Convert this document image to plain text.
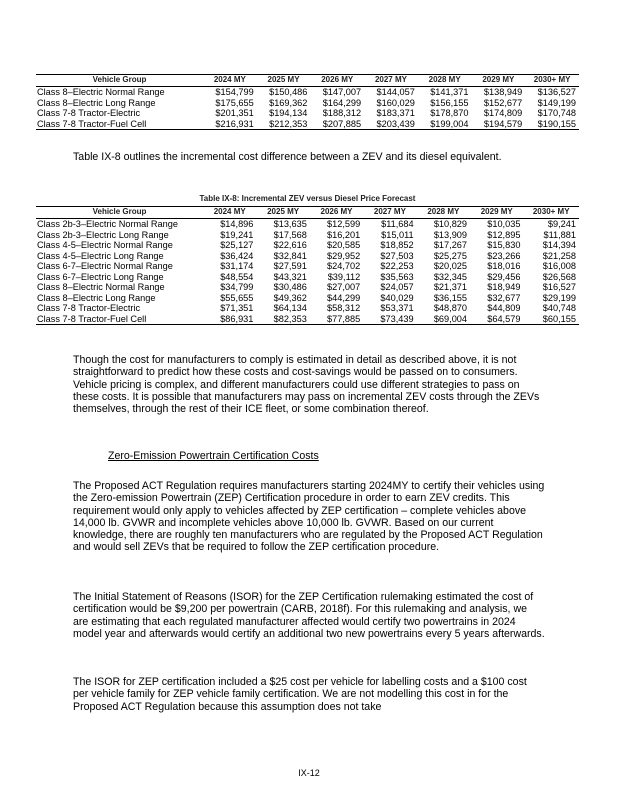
Vehicle Group	2024 MY	2025 MY	2026 MY	2027 MY	2028 MY	2029 MY	2030+ MY
Class 8–Electric Normal Range	$154,799	$150,486	$147,007	$144,057	$141,371	$138,949	$136,527
Class 8–Electric Long Range	$175,655	$169,362	$164,299	$160,029	$156,155	$152,677	$149,199
Class 7-8 Tractor-Electric	$201,351	$194,134	$188,312	$183,371	$178,870	$174,809	$170,748
Class 7-8 Tractor-Fuel Cell	$216,931	$212,353	$207,885	$203,439	$199,004	$194,579	$190,155

Table IX-8 outlines the incremental cost difference between a ZEV and its diesel equivalent.

Table IX-8: Incremental ZEV versus Diesel Price Forecast							
Vehicle Group	2024 MY	2025 MY	2026 MY	2027 MY	2028 MY	2029 MY	2030+ MY
Class 2b-3–Electric Normal Range	$14,896	$13,635	$12,599	$11,684	$10,829	$10,035	$9,241
Class 2b-3–Electric Long Range	$19,241	$17,568	$16,201	$15,011	$13,909	$12,895	$11,881
Class 4-5–Electric Normal Range	$25,127	$22,616	$20,585	$18,852	$17,267	$15,830	$14,394
Class 4-5–Electric Long Range	$36,424	$32,841	$29,952	$27,503	$25,275	$23,266	$21,258
Class 6-7–Electric Normal Range	$31,174	$27,591	$24,702	$22,253	$20,025	$18,016	$16,008
Class 6-7–Electric Long Range	$48,554	$43,321	$39,112	$35,563	$32,345	$29,456	$26,568
Class 8–Electric Normal Range	$34,799	$30,486	$27,007	$24,057	$21,371	$18,949	$16,527
Class 8–Electric Long Range	$55,655	$49,362	$44,299	$40,029	$36,155	$32,677	$29,199
Class 7-8 Tractor-Electric	$71,351	$64,134	$58,312	$53,371	$48,870	$44,809	$40,748
Class 7-8 Tractor-Fuel Cell	$86,931	$82,353	$77,885	$73,439	$69,004	$64,579	$60,155

Though the cost for manufacturers to comply is estimated in detail as described above, it is not straightforward to predict how these costs and cost-savings would be passed on to consumers. Vehicle pricing is complex, and different manufacturers could use different strategies to pass on these costs. It is possible that manufacturers may pass on incremental ZEV costs through the ZEVs themselves, through the rest of their ICE fleet, or some combination thereof.

Zero-Emission Powertrain Certification Costs

The Proposed ACT Regulation requires manufacturers starting 2024MY to certify their vehicles using the Zero-emission Powertrain (ZEP) Certification procedure in order to earn ZEV credits. This requirement would only apply to vehicles affected by ZEP certification – complete vehicles above 14,000 lb. GVWR and incomplete vehicles above 10,000 lb. GVWR. Based on our current knowledge, there are roughly ten manufacturers who are regulated by the Proposed ACT Regulation and would sell ZEVs that be required to follow the ZEP certification procedure.

The Initial Statement of Reasons (ISOR) for the ZEP Certification rulemaking estimated the cost of certification would be $9,200 per powertrain (CARB, 2018f). For this rulemaking and analysis, we are estimating that each regulated manufacturer affected would certify two powertrains in 2024 model year and afterwards would certify an additional two new powertrains every 5 years afterwards.

The ISOR for ZEP certification included a $25 cost per vehicle for labelling costs and a $100 cost per vehicle family for ZEP vehicle family certification. We are not modelling this cost in for the Proposed ACT Regulation because this assumption does not take

IX-12
